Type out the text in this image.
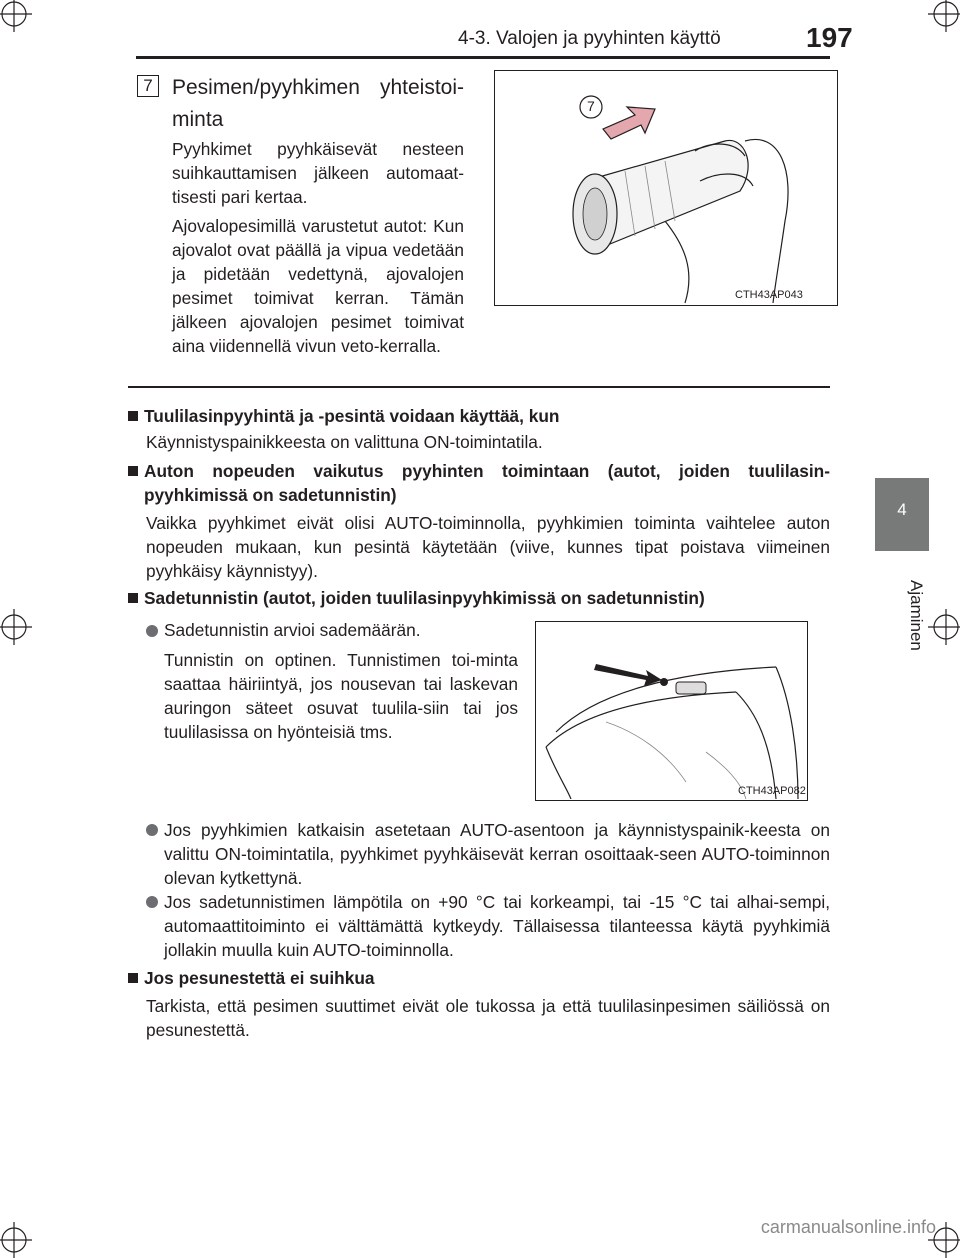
4-3. Valojen ja pyyhinten käyttö	197
4
Ajaminen
7 Pesimen/pyyhkimen yhteistoi-minta
Pyyhkimet pyyhkäisevät nesteen suihkauttamisen jälkeen automaat-tisesti pari kertaa.
Ajovalopesimillä varustetut autot: Kun ajovalot ovat päällä ja vipua vedetään ja pidetään vedettynä, ajovalojen pesimet toimivat kerran. Tämän jälkeen ajovalojen pesimet toimivat aina viidennellä vivun veto-kerralla.
7
CTH43AP043
Tuulilasinpyyhintä ja -pesintä voidaan käyttää, kun
Käynnistyspainikkeesta on valittuna ON-toimintatila.
Auton nopeuden vaikutus pyyhinten toimintaan (autot, joiden tuulilasin-pyyhkimissä on sadetunnistin)
Vaikka pyyhkimet eivät olisi AUTO-toiminnolla, pyyhkimien toiminta vaihtelee auton nopeuden mukaan, kun pesintä käytetään (viive, kunnes tipat poistava viimeinen pyyhkäisy käynnistyy).
Sadetunnistin (autot, joiden tuulilasinpyyhkimissä on sadetunnistin)
Sadetunnistin arvioi sademäärän.
Tunnistin on optinen. Tunnistimen toi-minta saattaa häiriintyä, jos nousevan tai laskevan auringon säteet osuvat tuulila-siin tai jos tuulilasissa on hyönteisiä tms.
CTH43AP082
Jos pyyhkimien katkaisin asetetaan AUTO-asentoon ja käynnistyspainik-keesta on valittu ON-toimintatila, pyyhkimet pyyhkäisevät kerran osoittaak-seen AUTO-toiminnon olevan kytkettynä.
Jos sadetunnistimen lämpötila on +90 °C tai korkeampi, tai -15 °C tai alhai-sempi, automaattitoiminto ei välttämättä kytkeydy. Tällaisessa tilanteessa käytä pyyhkimiä jollakin muulla kuin AUTO-toiminnolla.
Jos pesunestettä ei suihkua
Tarkista, että pesimen suuttimet eivät ole tukossa ja että tuulilasinpesimen säiliössä on pesunestettä.
carmanualsonline.info
